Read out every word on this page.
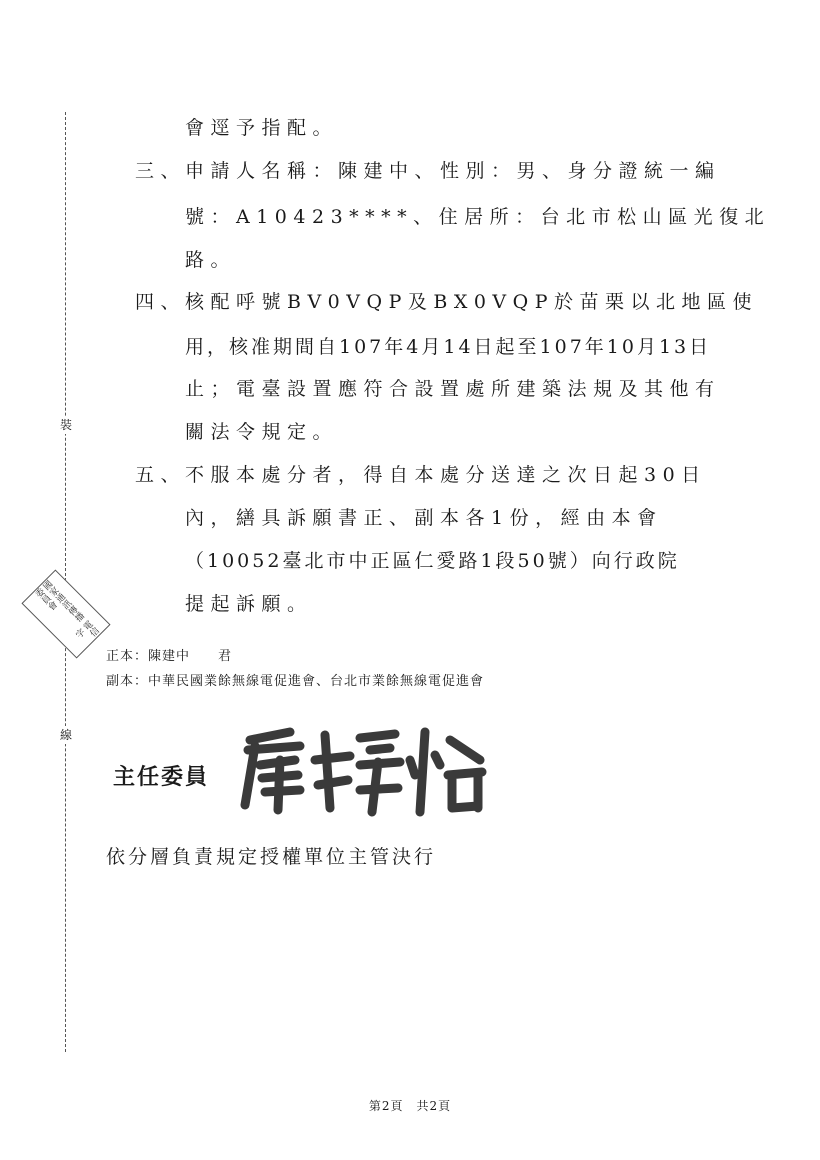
裝
線
國家通訊傳播委員會
電信字
會逕予指配。
三、
申請人名稱：陳建中、性別：男、身分證統一編
號：A10423****、住居所：台北市松山區光復北
路。
四、
核配呼號BV0VQP及BX0VQP於苗栗以北地區使
用，核准期間自107年4月14日起至107年10月13日
止；電臺設置應符合設置處所建築法規及其他有
關法令規定。
五、
不服本處分者，得自本處分送達之次日起30日
內，繕具訴願書正、副本各1份，經由本會
（10052臺北市中正區仁愛路1段50號）向行政院
提起訴願。
正本：陳建中　　君
副本：中華民國業餘無線電促進會、台北市業餘無線電促進會
主任委員
依分層負責規定授權單位主管決行
第2頁　共2頁
